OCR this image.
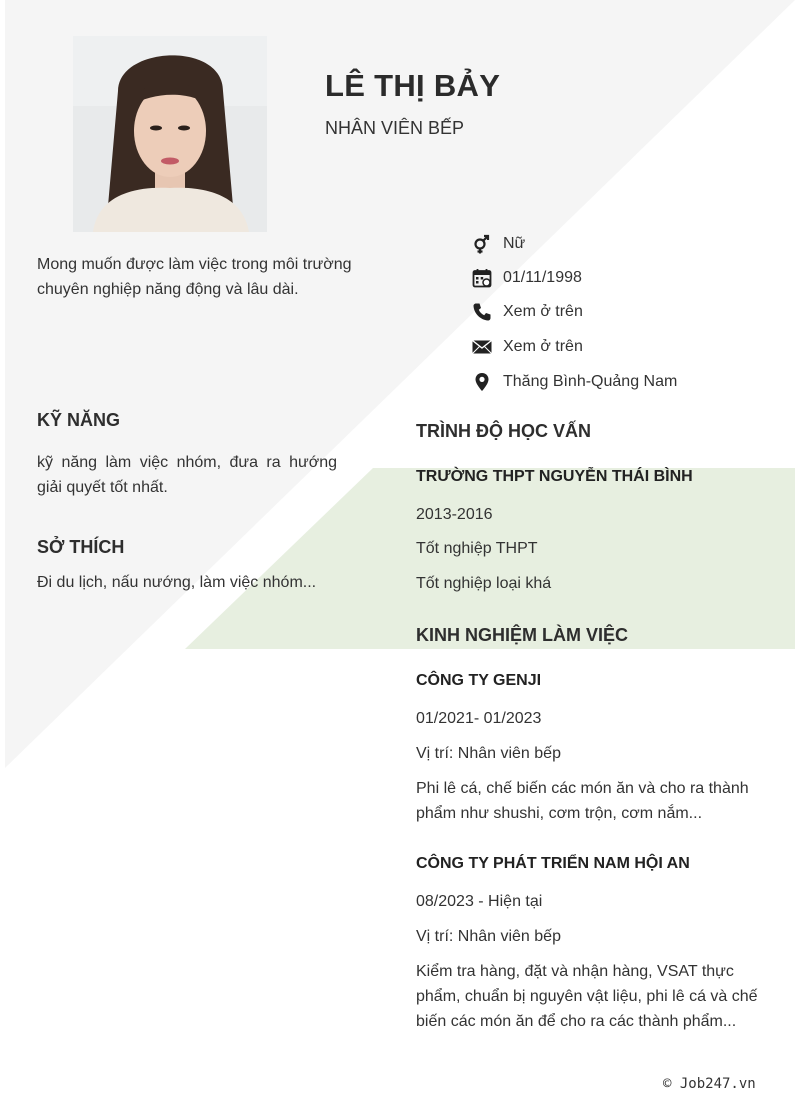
LÊ THỊ BẢY
NHÂN VIÊN BẾP
Mong muốn được làm việc trong môi trường chuyên nghiệp năng động và lâu dài.
Nữ
01/11/1998
Xem ở trên
Xem ở trên
Thăng Bình-Quảng Nam
KỸ NĂNG
kỹ năng làm việc nhóm, đưa ra hướng giải quyết tốt nhất.
SỞ THÍCH
Đi du lịch, nấu nướng, làm việc nhóm...
TRÌNH ĐỘ HỌC VẤN
TRƯỜNG THPT NGUYỄN THÁI BÌNH
2013-2016
Tốt nghiệp THPT
Tốt nghiệp loại khá
KINH NGHIỆM LÀM VIỆC
CÔNG TY GENJI
01/2021- 01/2023
Vị trí: Nhân viên bếp
Phi lê cá, chế biến các món ăn và cho ra thành phẩm như shushi, cơm trộn, cơm nắm...
CÔNG TY PHÁT TRIỂN NAM HỘI AN
08/2023 - Hiện tại
Vị trí: Nhân viên bếp
Kiểm tra hàng, đặt và nhận hàng, VSAT thực phẩm, chuẩn bị nguyên vật liệu, phi lê cá và chế biến các món ăn để cho ra các thành phẩm...
© Job247.vn
